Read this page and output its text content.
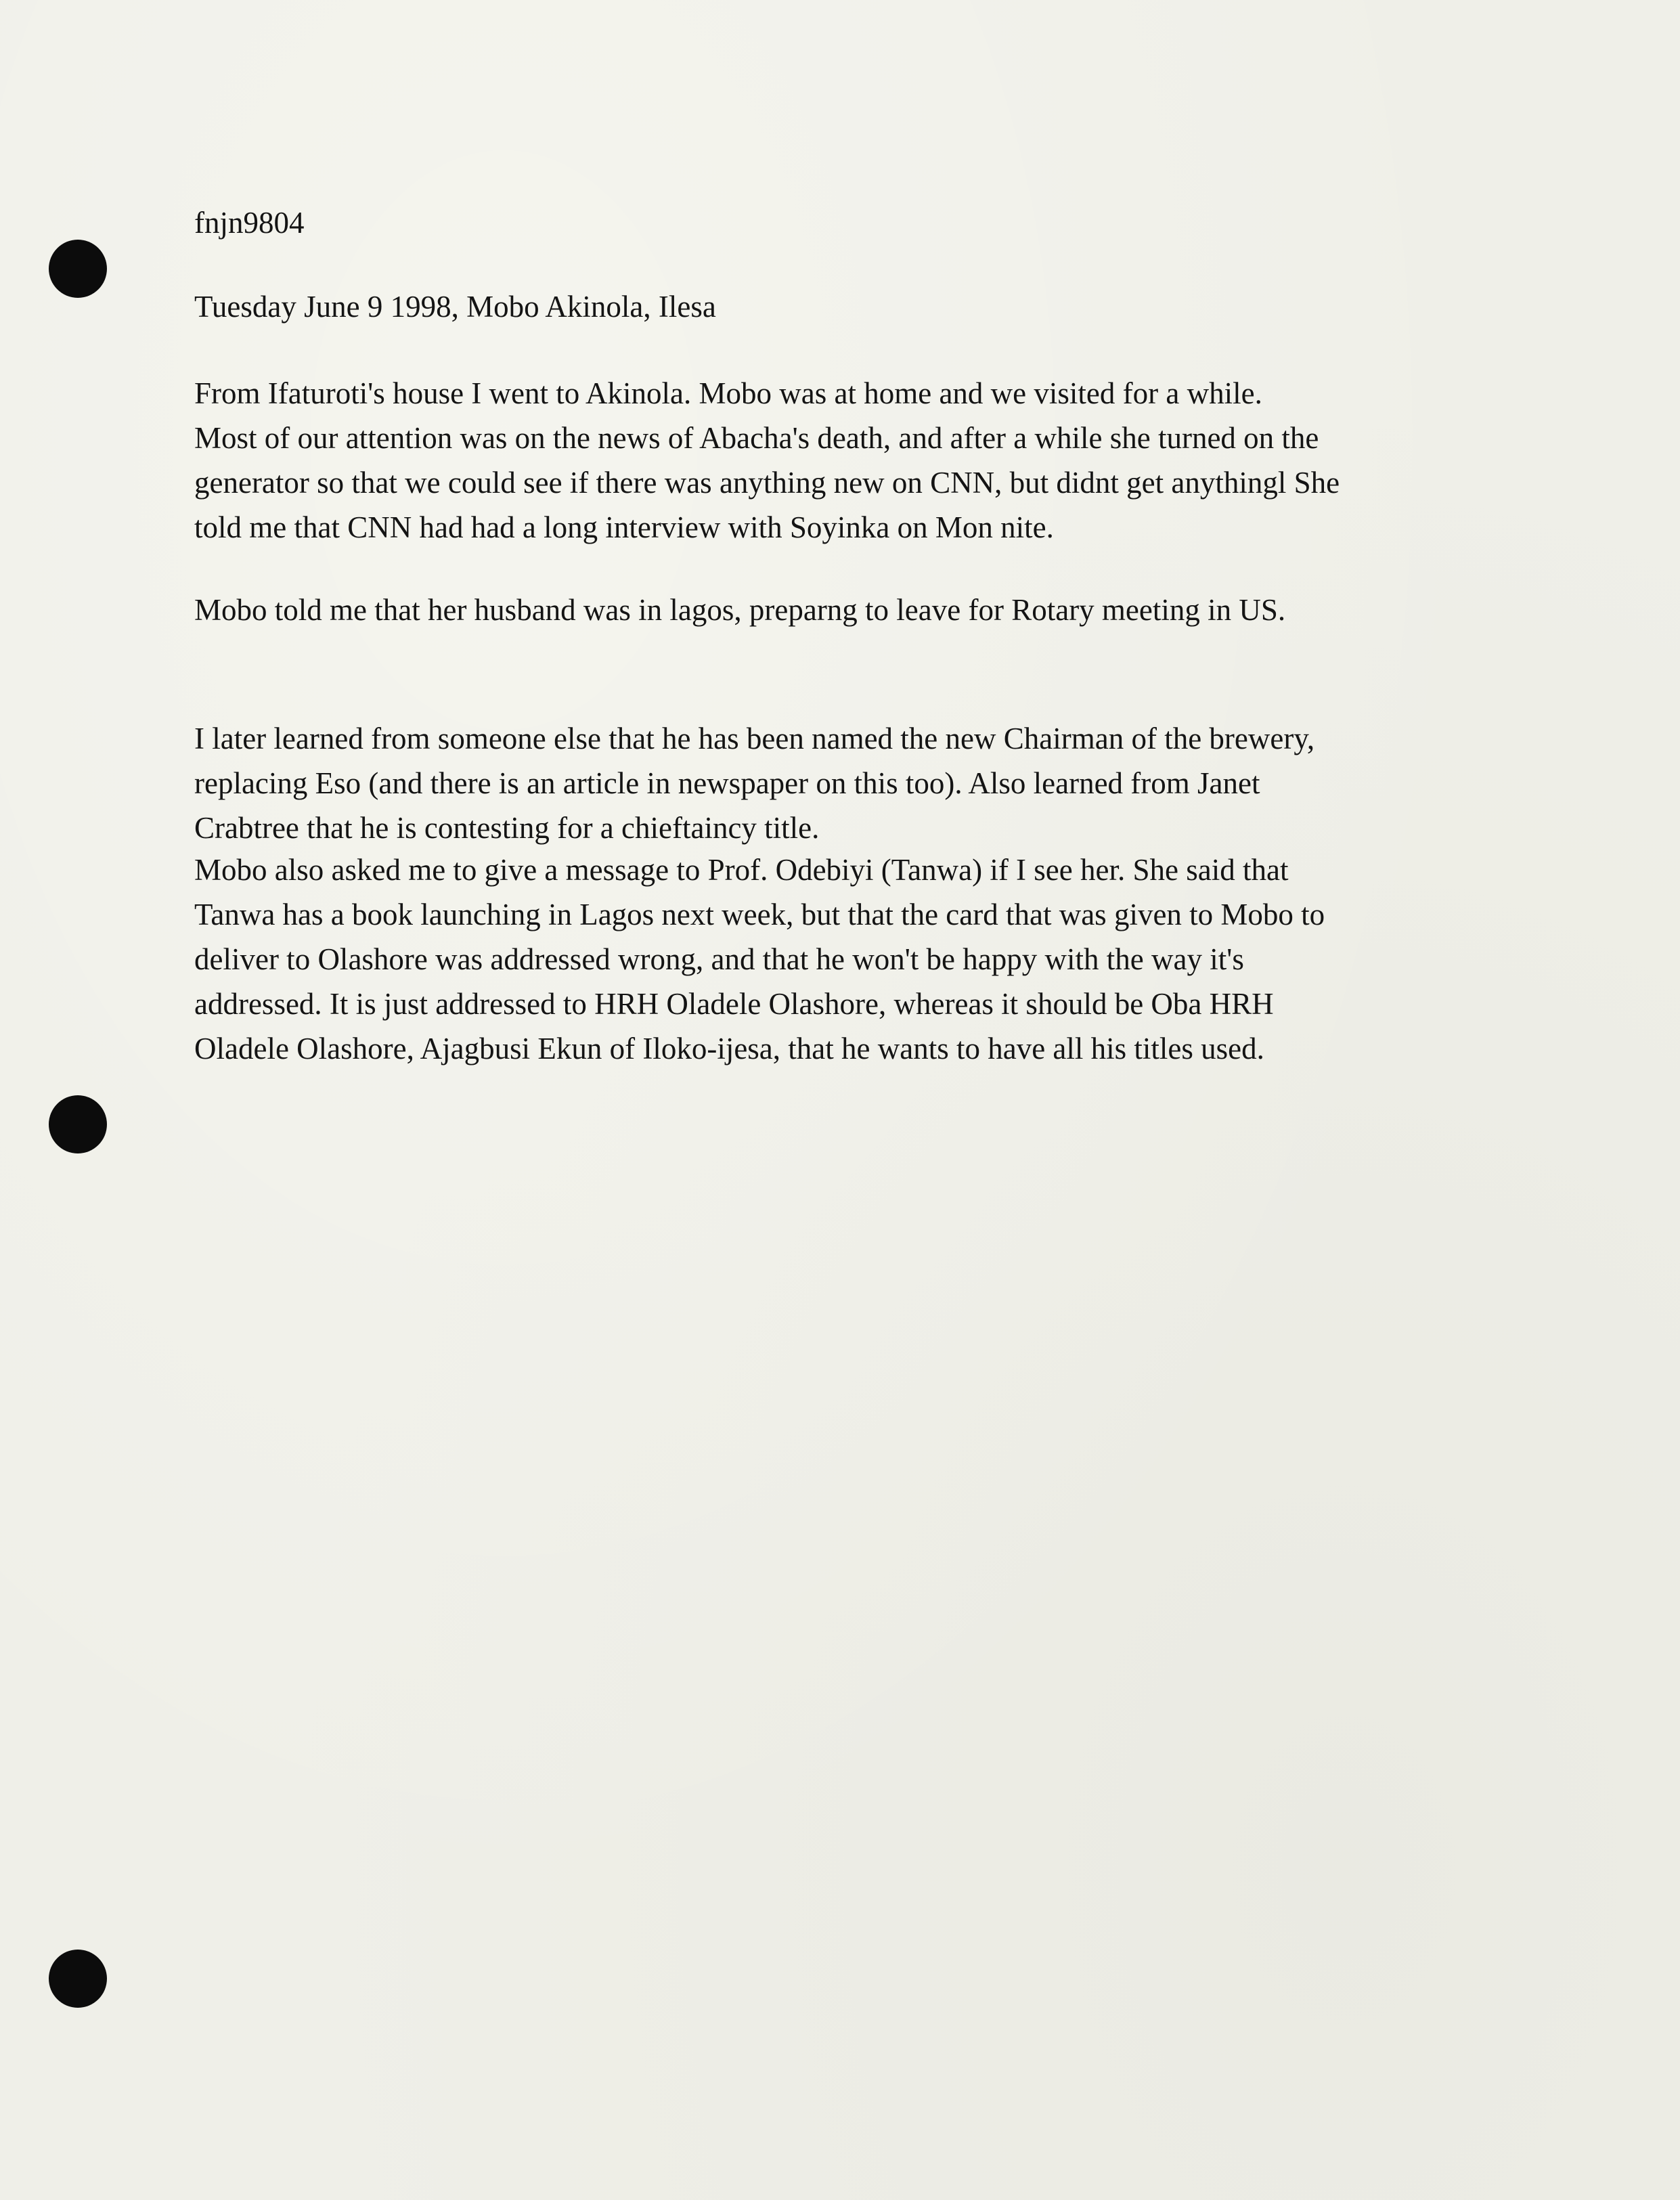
fnjn9804
Tuesday June 9 1998, Mobo Akinola, Ilesa
From Ifaturoti's house I went to Akinola. Mobo was at home and we visited for a while.
Most of our attention was on the news of Abacha's death, and after a while she turned on the
generator so that we could see if there was anything new on CNN, but didnt get anythingl She
told me that CNN had had a long interview with Soyinka on Mon nite.
Mobo told me that her husband was in lagos, preparng to leave for Rotary meeting in US.
I later learned from someone else that he has been named the new Chairman of the brewery,
replacing Eso (and there is an article in newspaper on this too). Also learned from Janet
Crabtree that he is contesting for a chieftaincy title.
Mobo also asked me to give a message to Prof. Odebiyi (Tanwa) if I see her. She said that
Tanwa has a book launching in Lagos next week, but that the card that was given to Mobo to
deliver to Olashore was addressed wrong, and that he won't be happy with the way it's
addressed. It is just addressed to HRH Oladele Olashore, whereas it should be Oba HRH
Oladele Olashore, Ajagbusi Ekun of Iloko-ijesa, that he wants to have all his titles used.
